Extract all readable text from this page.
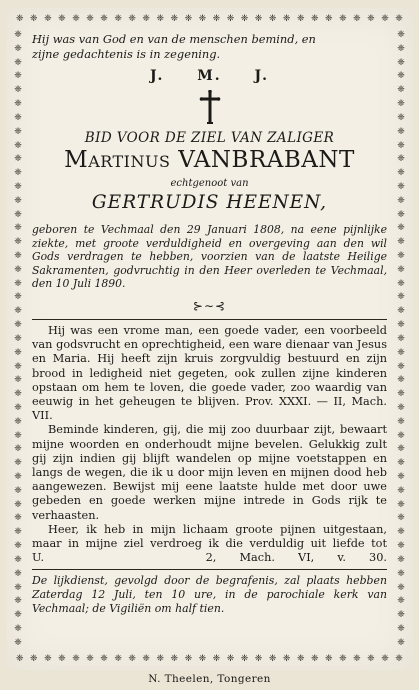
❈ ❈ ❈ ❈ ❈ ❈ ❈ ❈ ❈ ❈ ❈ ❈ ❈ ❈ ❈ ❈ ❈ ❈ ❈ ❈ ❈ ❈ ❈ ❈ ❈ ❈ ❈ ❈
❈ ❈ ❈ ❈ ❈ ❈ ❈ ❈ ❈ ❈ ❈ ❈ ❈ ❈ ❈ ❈ ❈ ❈ ❈ ❈ ❈ ❈ ❈ ❈ ❈ ❈ ❈ ❈
❈
❈
❈
❈
❈
❈
❈
❈
❈
❈
❈
❈
❈
❈
❈
❈
❈
❈
❈
❈
❈
❈
❈
❈
❈
❈
❈
❈
❈
❈
❈
❈
❈
❈
❈
❈
❈
❈
❈
❈
❈
❈
❈
❈
❈
❈
❈
❈
❈
❈
❈
❈
❈
❈
❈
❈
❈
❈
❈
❈
❈
❈
❈
❈
❈
❈
❈
❈
❈
❈
❈
❈
❈
❈
❈
❈
❈
❈
❈
❈
❈
❈
❈
❈
❈
❈
❈
❈
❈
❈
Hij was van God en van de menschen bemind, en
zijne gedachtenis is in zegening.
J. M. J.
BID VOOR DE ZIEL VAN ZALIGER
Martinus VANBRABANT
echtgenoot van
GERTRUDIS HEENEN,
geboren te Vechmaal den 29 Januari 1808, na eene pijnlijke ziekte, met groote verduldigheid en overgeving aan den wil Gods verdragen te hebben, voorzien van de laatste Heilige Sakramenten, godvruchtig in den Heer overleden te Vechmaal, den 10 Juli 1890.
⊱∼⊰

Hij was een vrome man, een goede vader, een voorbeeld van godsvrucht en oprechtigheid, een ware dienaar van Jesus en Maria. Hij heeft zijn kruis zorgvuldig bestuurd en zijn brood in ledigheid niet gegeten, ook zullen zijne kinderen opstaan om hem te loven, die goede vader, zoo waardig van eeuwig in het geheugen te blijven. Prov. XXXI. — II, Mach. VII.

Beminde kinderen, gij, die mij zoo duurbaar zijt, bewaart mijne woorden en onderhoudt mijne bevelen. Gelukkig zult gij zijn indien gij blijft wandelen op mijne voetstappen en langs de wegen, die ik u door mijn leven en mijnen dood heb aangewezen. Bewijst mij eene laatste hulde met door uwe gebeden en goede werken mijne intrede in Gods rijk te verhaasten.

Heer, ik heb in mijn lichaam groote pijnen uitgestaan, maar in mijne ziel verdroeg ik die verduldig uit liefde tot U.	2, Mach. VI, v. 30.

De lijkdienst, gevolgd door de begrafenis, zal plaats hebben Zaterdag 12 Juli, ten 10 ure, in de parochiale kerk van Vechmaal; de Vigiliën om half tien.
N. Theelen, Tongeren
